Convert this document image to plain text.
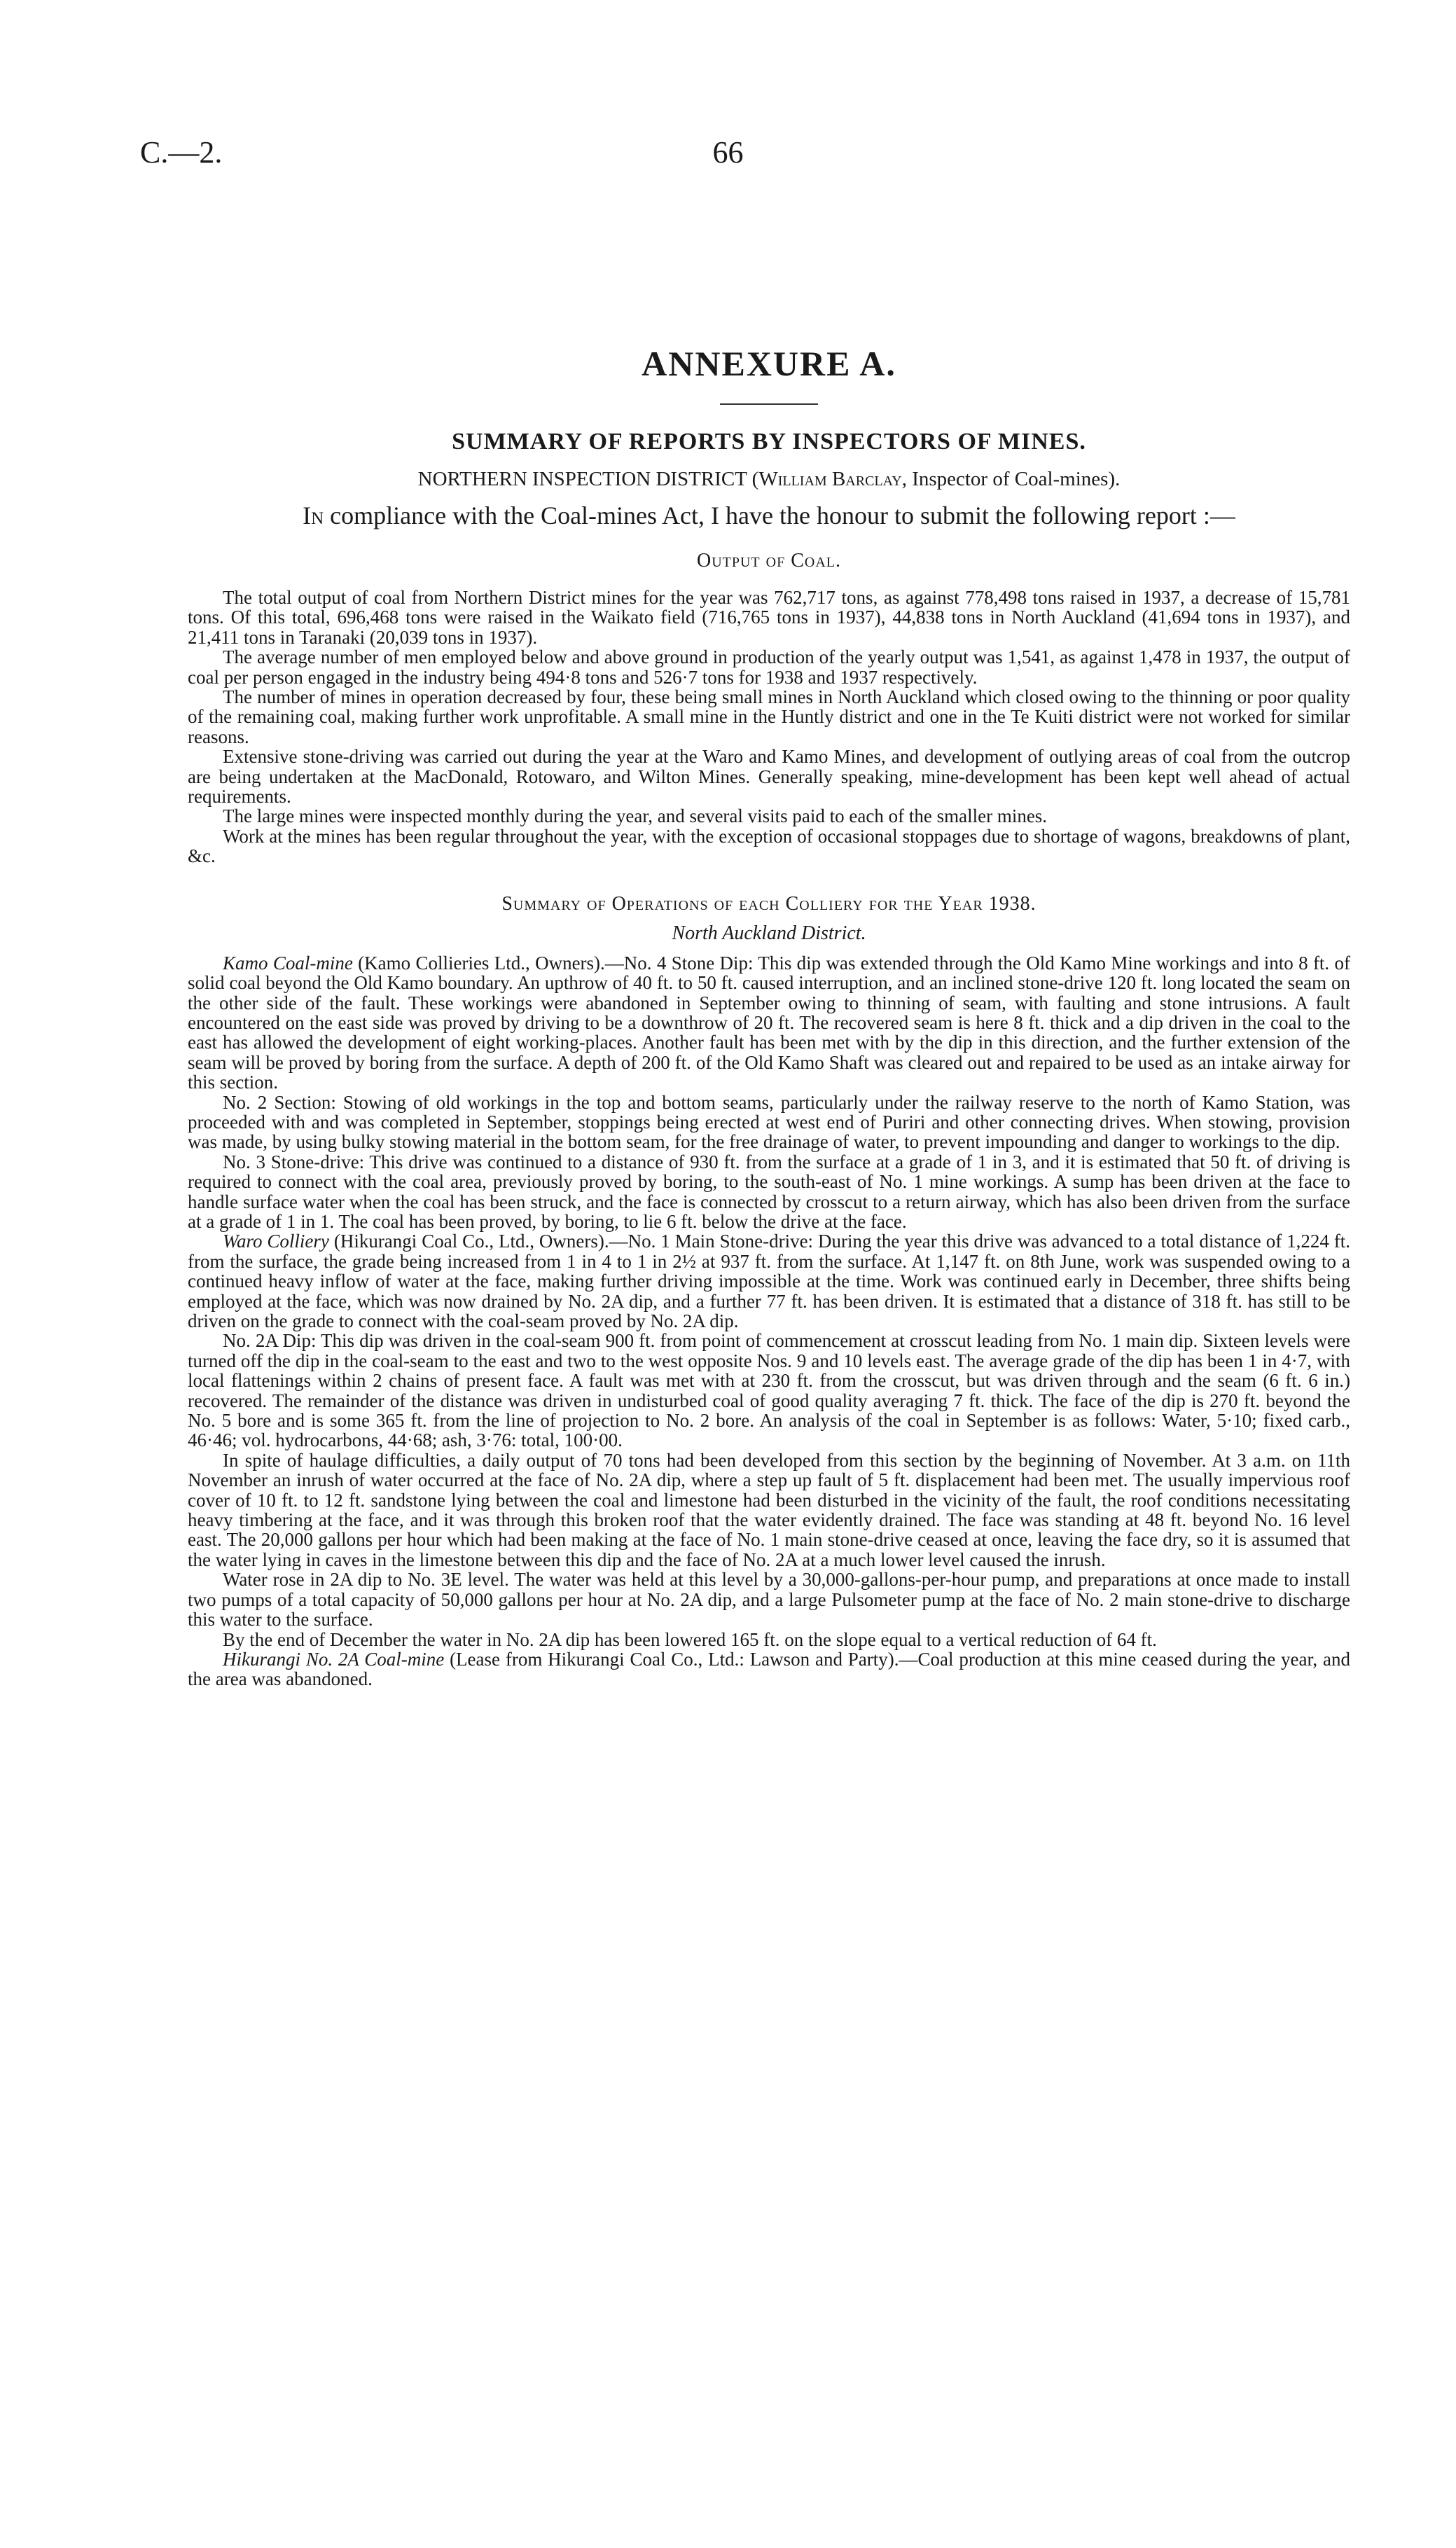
C.—2.	66
ANNEXURE A.
SUMMARY OF REPORTS BY INSPECTORS OF MINES.
NORTHERN INSPECTION DISTRICT (William Barclay, Inspector of Coal-mines).
In compliance with the Coal-mines Act, I have the honour to submit the following report :—
Output of Coal.

The total output of coal from Northern District mines for the year was 762,717 tons, as against 778,498 tons raised in 1937, a decrease of 15,781 tons. Of this total, 696,468 tons were raised in the Waikato field (716,765 tons in 1937), 44,838 tons in North Auckland (41,694 tons in 1937), and 21,411 tons in Taranaki (20,039 tons in 1937).

The average number of men employed below and above ground in production of the yearly output was 1,541, as against 1,478 in 1937, the output of coal per person engaged in the industry being 494·8 tons and 526·7 tons for 1938 and 1937 respectively.

The number of mines in operation decreased by four, these being small mines in North Auckland which closed owing to the thinning or poor quality of the remaining coal, making further work unprofitable. A small mine in the Huntly district and one in the Te Kuiti district were not worked for similar reasons.

Extensive stone-driving was carried out during the year at the Waro and Kamo Mines, and development of outlying areas of coal from the outcrop are being undertaken at the MacDonald, Rotowaro, and Wilton Mines. Generally speaking, mine-development has been kept well ahead of actual requirements.

The large mines were inspected monthly during the year, and several visits paid to each of the smaller mines.

Work at the mines has been regular throughout the year, with the exception of occasional stoppages due to shortage of wagons, breakdowns of plant, &c.

Summary of Operations of each Colliery for the Year 1938.
North Auckland District.

Kamo Coal-mine (Kamo Collieries Ltd., Owners).—No. 4 Stone Dip: This dip was extended through the Old Kamo Mine workings and into 8 ft. of solid coal beyond the Old Kamo boundary. An upthrow of 40 ft. to 50 ft. caused interruption, and an inclined stone-drive 120 ft. long located the seam on the other side of the fault. These workings were abandoned in September owing to thinning of seam, with faulting and stone intrusions. A fault encountered on the east side was proved by driving to be a downthrow of 20 ft. The recovered seam is here 8 ft. thick and a dip driven in the coal to the east has allowed the development of eight working-places. Another fault has been met with by the dip in this direction, and the further extension of the seam will be proved by boring from the surface. A depth of 200 ft. of the Old Kamo Shaft was cleared out and repaired to be used as an intake airway for this section.

No. 2 Section: Stowing of old workings in the top and bottom seams, particularly under the railway reserve to the north of Kamo Station, was proceeded with and was completed in September, stoppings being erected at west end of Puriri and other connecting drives. When stowing, provision was made, by using bulky stowing material in the bottom seam, for the free drainage of water, to prevent impounding and danger to workings to the dip.

No. 3 Stone-drive: This drive was continued to a distance of 930 ft. from the surface at a grade of 1 in 3, and it is estimated that 50 ft. of driving is required to connect with the coal area, previously proved by boring, to the south-east of No. 1 mine workings. A sump has been driven at the face to handle surface water when the coal has been struck, and the face is connected by crosscut to a return airway, which has also been driven from the surface at a grade of 1 in 1. The coal has been proved, by boring, to lie 6 ft. below the drive at the face.

Waro Colliery (Hikurangi Coal Co., Ltd., Owners).—No. 1 Main Stone-drive: During the year this drive was advanced to a total distance of 1,224 ft. from the surface, the grade being increased from 1 in 4 to 1 in 2½ at 937 ft. from the surface. At 1,147 ft. on 8th June, work was suspended owing to a continued heavy inflow of water at the face, making further driving impossible at the time. Work was continued early in December, three shifts being employed at the face, which was now drained by No. 2A dip, and a further 77 ft. has been driven. It is estimated that a distance of 318 ft. has still to be driven on the grade to connect with the coal-seam proved by No. 2A dip.

No. 2A Dip: This dip was driven in the coal-seam 900 ft. from point of commencement at crosscut leading from No. 1 main dip. Sixteen levels were turned off the dip in the coal-seam to the east and two to the west opposite Nos. 9 and 10 levels east. The average grade of the dip has been 1 in 4·7, with local flattenings within 2 chains of present face. A fault was met with at 230 ft. from the crosscut, but was driven through and the seam (6 ft. 6 in.) recovered. The remainder of the distance was driven in undisturbed coal of good quality averaging 7 ft. thick. The face of the dip is 270 ft. beyond the No. 5 bore and is some 365 ft. from the line of projection to No. 2 bore. An analysis of the coal in September is as follows: Water, 5·10; fixed carb., 46·46; vol. hydrocarbons, 44·68; ash, 3·76: total, 100·00.

In spite of haulage difficulties, a daily output of 70 tons had been developed from this section by the beginning of November. At 3 a.m. on 11th November an inrush of water occurred at the face of No. 2A dip, where a step up fault of 5 ft. displacement had been met. The usually impervious roof cover of 10 ft. to 12 ft. sandstone lying between the coal and limestone had been disturbed in the vicinity of the fault, the roof conditions necessitating heavy timbering at the face, and it was through this broken roof that the water evidently drained. The face was standing at 48 ft. beyond No. 16 level east. The 20,000 gallons per hour which had been making at the face of No. 1 main stone-drive ceased at once, leaving the face dry, so it is assumed that the water lying in caves in the limestone between this dip and the face of No. 2A at a much lower level caused the inrush.

Water rose in 2A dip to No. 3E level. The water was held at this level by a 30,000-gallons-per-hour pump, and preparations at once made to install two pumps of a total capacity of 50,000 gallons per hour at No. 2A dip, and a large Pulsometer pump at the face of No. 2 main stone-drive to discharge this water to the surface.

By the end of December the water in No. 2A dip has been lowered 165 ft. on the slope equal to a vertical reduction of 64 ft.

Hikurangi No. 2A Coal-mine (Lease from Hikurangi Coal Co., Ltd.: Lawson and Party).—Coal production at this mine ceased during the year, and the area was abandoned.
